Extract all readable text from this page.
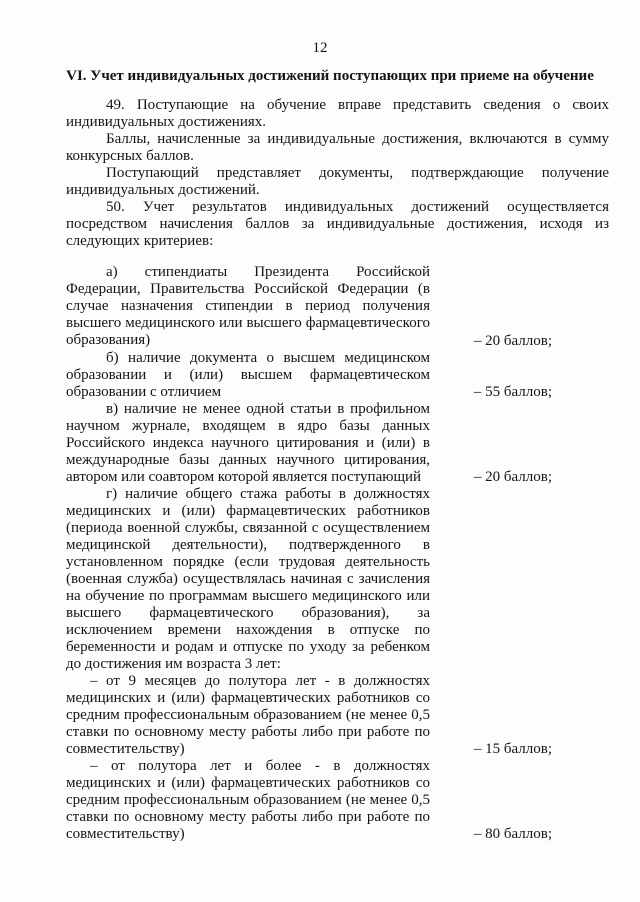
12
VI. Учет индивидуальных достижений поступающих при приеме на обучение

49. Поступающие на обучение вправе представить сведения о своих индивидуальных достижениях.

Баллы, начисленные за индивидуальные достижения, включаются в сумму конкурсных баллов.

Поступающий представляет документы, подтверждающие получение индивидуальных достижений.

50. Учет результатов индивидуальных достижений осуществляется посредством начисления баллов за индивидуальные достижения, исходя из следующих критериев:

а) стипендиаты Президента Российской Федерации, Правительства Российской Федерации (в случае назначения стипендии в период получения высшего медицинского или высшего фармацевтического образования)	– 20 баллов;

б) наличие документа о высшем медицинском образовании и (или) высшем фармацевтическом образовании с отличием	– 55 баллов;

в) наличие не менее одной статьи в профильном научном журнале, входящем в ядро базы данных Российского индекса научного цитирования и (или) в международные базы данных научного цитирования, автором или соавтором которой является поступающий	– 20 баллов;

г) наличие общего стажа работы в должностях медицинских и (или) фармацевтических работников (периода военной службы, связанной с осуществлением медицинской деятельности), подтвержденного в установленном порядке (если трудовая деятельность (военная служба) осуществлялась начиная с зачисления на обучение по программам высшего медицинского или высшего фармацевтического образования), за исключением времени нахождения в отпуске по беременности и родам и отпуске по уходу за ребенком до достижения им возраста 3 лет:

– от 9 месяцев до полутора лет - в должностях медицинских и (или) фармацевтических работников со средним профессиональным образованием (не менее 0,5 ставки по основному месту работы либо при работе по совместительству)	– 15 баллов;

– от полутора лет и более - в должностях медицинских и (или) фармацевтических работников со средним профессиональным образованием (не менее 0,5 ставки по основному месту работы либо при работе по совместительству)	– 80 баллов;
